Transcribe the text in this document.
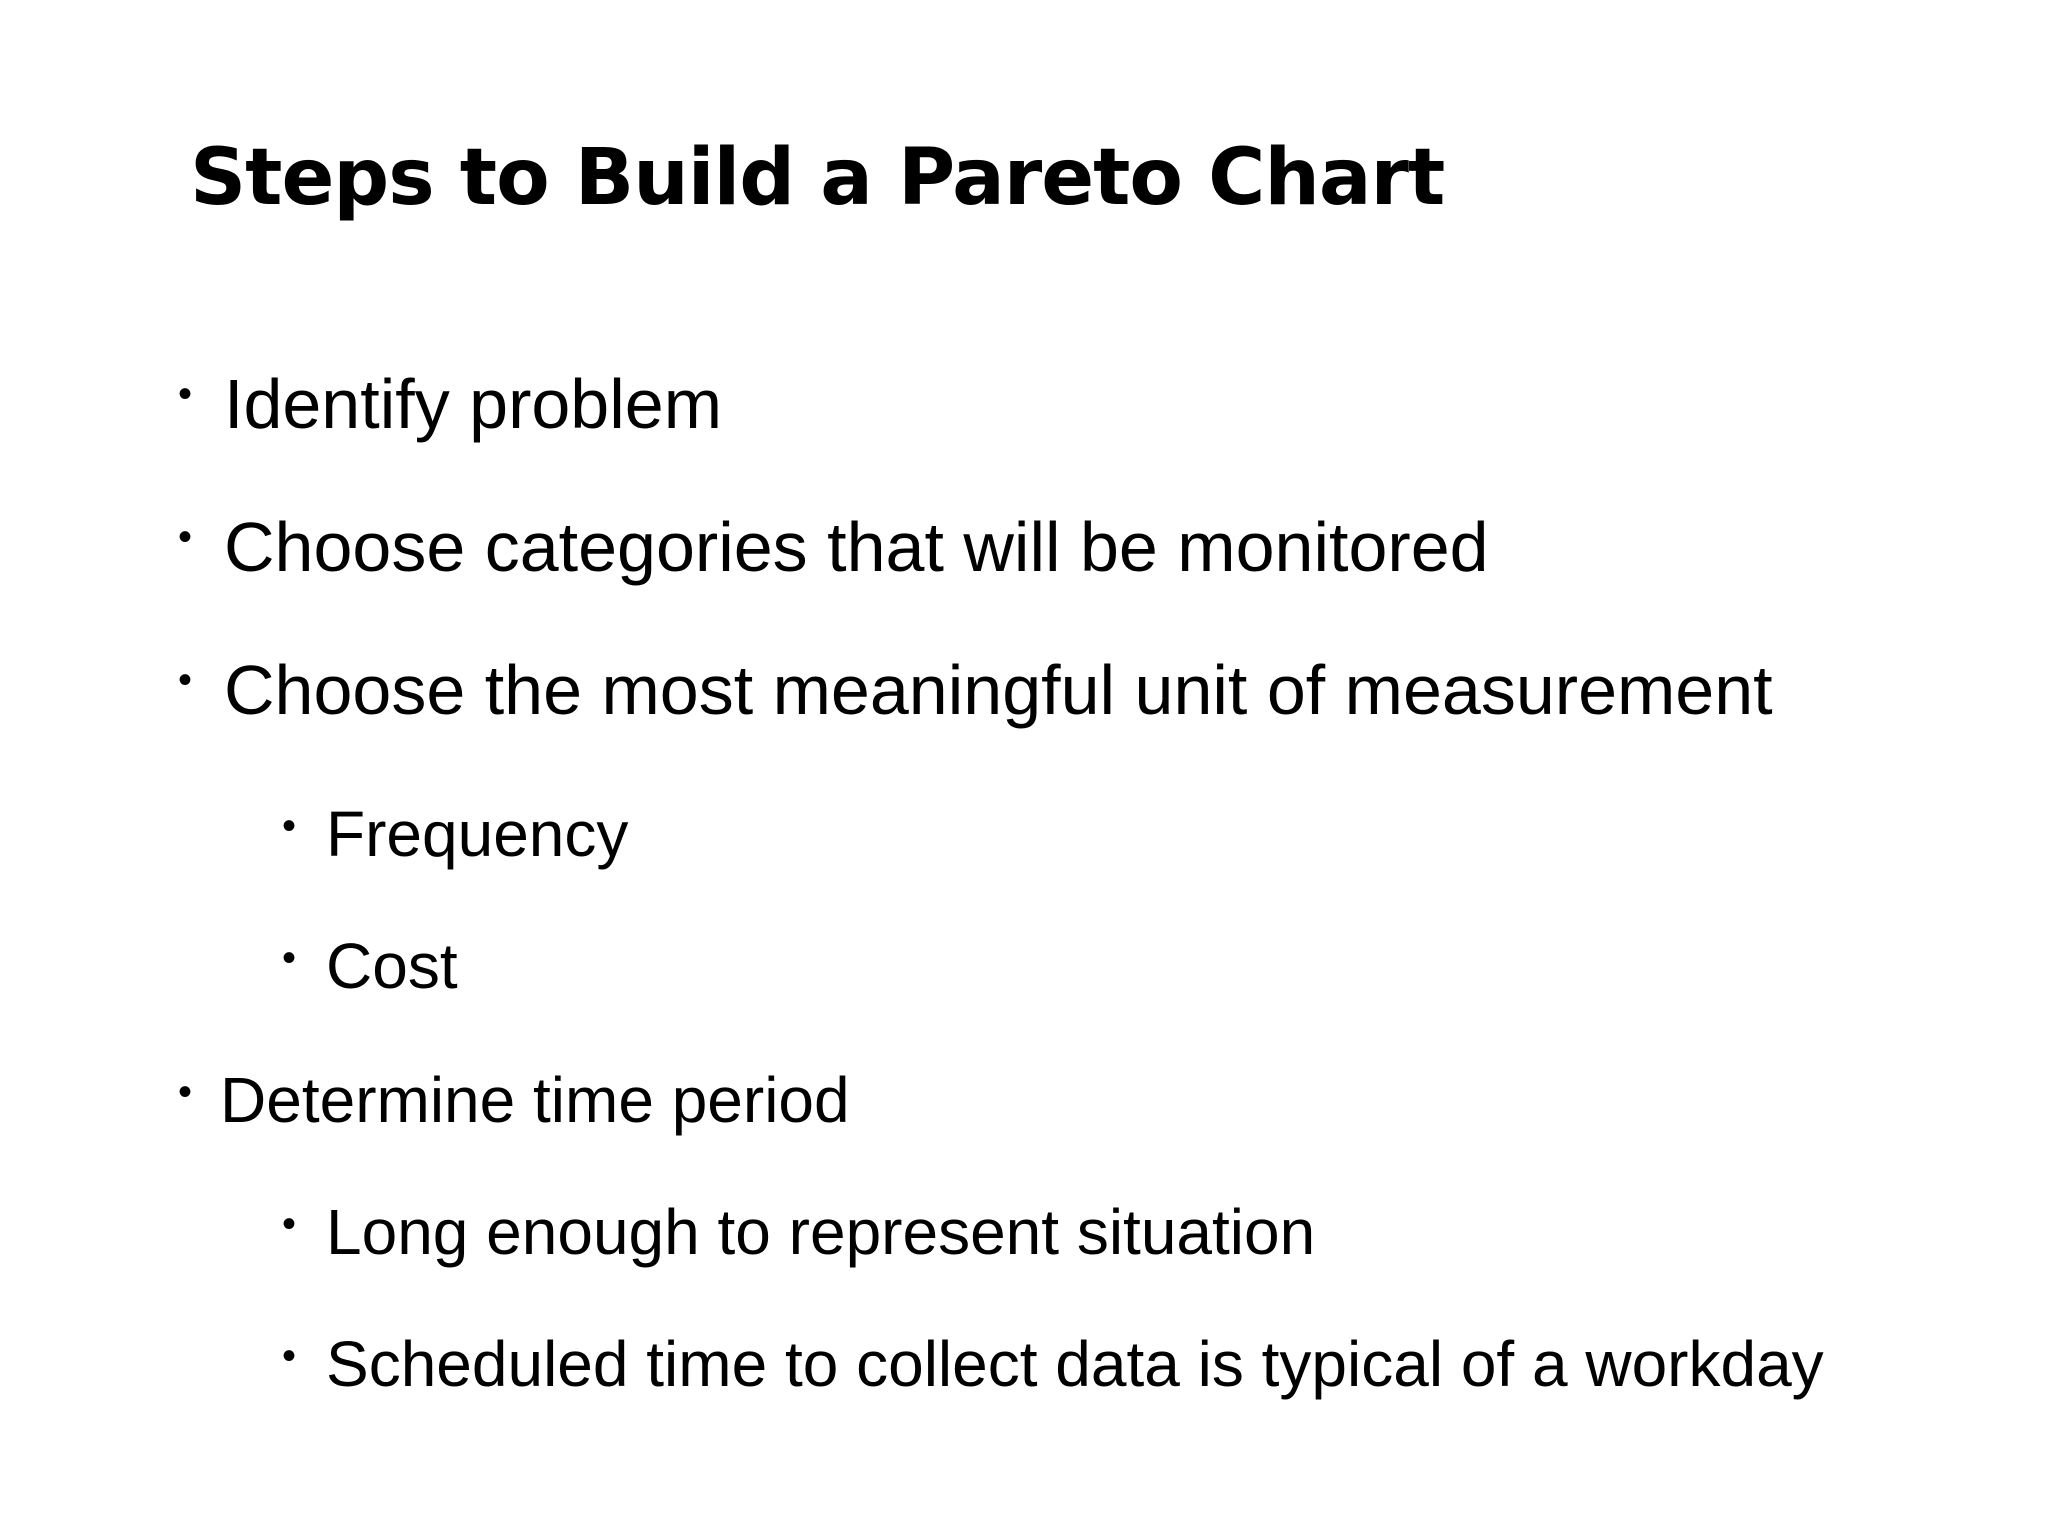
Steps to Build a Pareto Chart
• Identify problem
• Choose categories that will be monitored
• Choose the most meaningful unit of measurement
• Frequency
• Cost
• Determine time period
• Long enough to represent situation
• Scheduled time to collect data is typical of a workday
